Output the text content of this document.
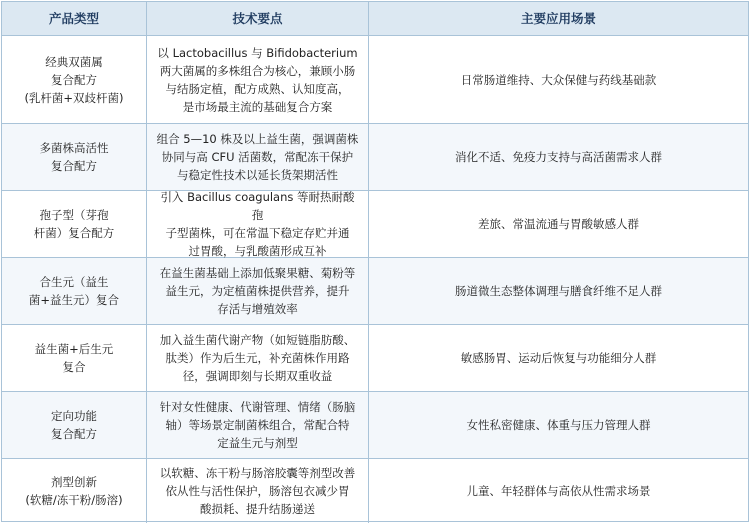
产品类型	技术要点	主要应用场景
经典双菌属
复合配方
(乳杆菌+双歧杆菌)
以 Lactobacillus 与 Bifidobacterium
两大菌属的多株组合为核心，兼顾小肠
与结肠定植，配方成熟、认知度高，
是市场最主流的基础复合方案
日常肠道维持、大众保健与药线基础款
多菌株高活性
复合配方
组合 5—10 株及以上益生菌，强调菌株
协同与高 CFU 活菌数，常配冻干保护
与稳定性技术以延长货架期活性
消化不适、免疫力支持与高活菌需求人群
孢子型（芽孢
杆菌）复合配方
引入 Bacillus coagulans 等耐热耐酸孢
子型菌株，可在常温下稳定存贮并通
过胃酸，与乳酸菌形成互补
差旅、常温流通与胃酸敏感人群
合生元（益生
菌+益生元）复合
在益生菌基础上添加低聚果糖、菊粉等
益生元，为定植菌株提供营养，提升
存活与增殖效率
肠道微生态整体调理与膳食纤维不足人群
益生菌+后生元
复合
加入益生菌代谢产物（如短链脂肪酸、
肽类）作为后生元，补充菌株作用路
径，强调即刻与长期双重收益
敏感肠胃、运动后恢复与功能细分人群
定向功能
复合配方
针对女性健康、代谢管理、情绪（肠脑
轴）等场景定制菌株组合，常配合特
定益生元与剂型
女性私密健康、体重与压力管理人群
剂型创新
(软糖/冻干粉/肠溶)
以软糖、冻干粉与肠溶胶囊等剂型改善
依从性与活性保护，肠溶包衣减少胃
酸损耗、提升结肠递送
儿童、年轻群体与高依从性需求场景
